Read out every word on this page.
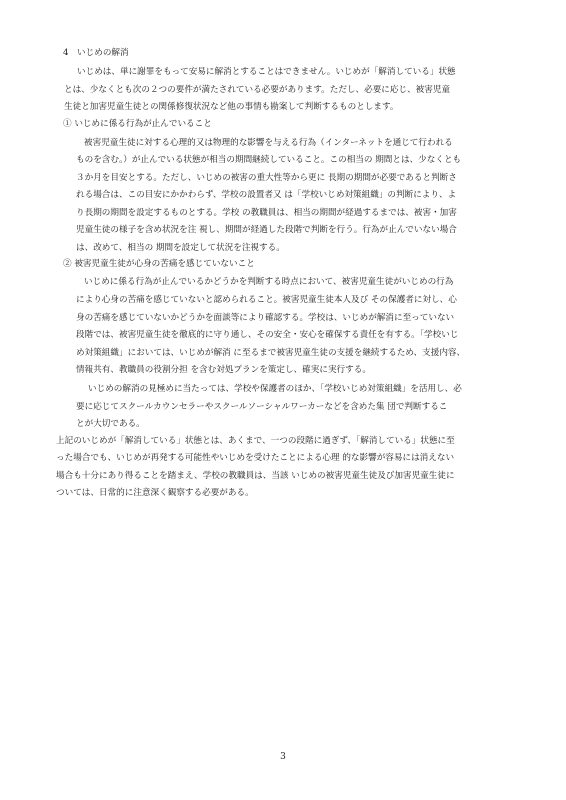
4　いじめの解消
いじめは、単に謝罪をもって安易に解消とすることはできません。いじめが「解消している」状態
とは、少なくとも次の２つの要件が満たされている必要があります。ただし、必要に応じ、被害児童
生徒と加害児童生徒との関係修復状況など他の事情も勘案して判断するものとします。
① いじめに係る行為が止んでいること
被害児童生徒に対する心理的又は物理的な影響を与える行為（インターネットを通じて行われる
ものを含む。）が止んでいる状態が相当の期間継続していること。この相当の 期間とは、少なくとも
３か月を目安とする。ただし、いじめの被害の重大性等から更に 長期の期間が必要であると判断さ
れる場合は、この目安にかかわらず、学校の設置者又 は「学校いじめ対策組織」の判断により、よ
り長期の期間を設定するものとする。学校 の教職員は、相当の期間が経過するまでは、被害・加害
児童生徒の様子を含め状況を注 視し、期間が経過した段階で判断を行う。行為が止んでいない場合
は、改めて、相当の 期間を設定して状況を注視する。
② 被害児童生徒が心身の苦痛を感じていないこと
いじめに係る行為が止んでいるかどうかを判断する時点において、被害児童生徒がいじめの行為
により心身の苦痛を感じていないと認められること。被害児童生徒本人及び その保護者に対し、心
身の苦痛を感じていないかどうかを面談等により確認する。学校は、いじめが解消に至っていない
段階では、被害児童生徒を徹底的に守り通し、その安全・安心を確保する責任を有する。「学校いじ
め対策組織」においては、いじめが解消 に至るまで被害児童生徒の支援を継続するため、支援内容、
情報共有、教職員の役割分担 を含む対処プランを策定し、確実に実行する。
いじめの解消の見極めに当たっては、学校や保護者のほか、「学校いじめ対策組織」を活用し、必
要に応じてスクールカウンセラーやスクールソーシャルワーカーなどを含めた集 団で判断するこ
とが大切である。
上記のいじめが「解消している」状態とは、あくまで、一つの段階に過ぎず、「解消している」状態に至
った場合でも、いじめが再発する可能性やいじめを受けたことによる心理 的な影響が容易には消えない
場合も十分にあり得ることを踏まえ、学校の教職員は、当該 いじめの被害児童生徒及び加害児童生徒に
ついては、日常的に注意深く観察する必要がある。
3
